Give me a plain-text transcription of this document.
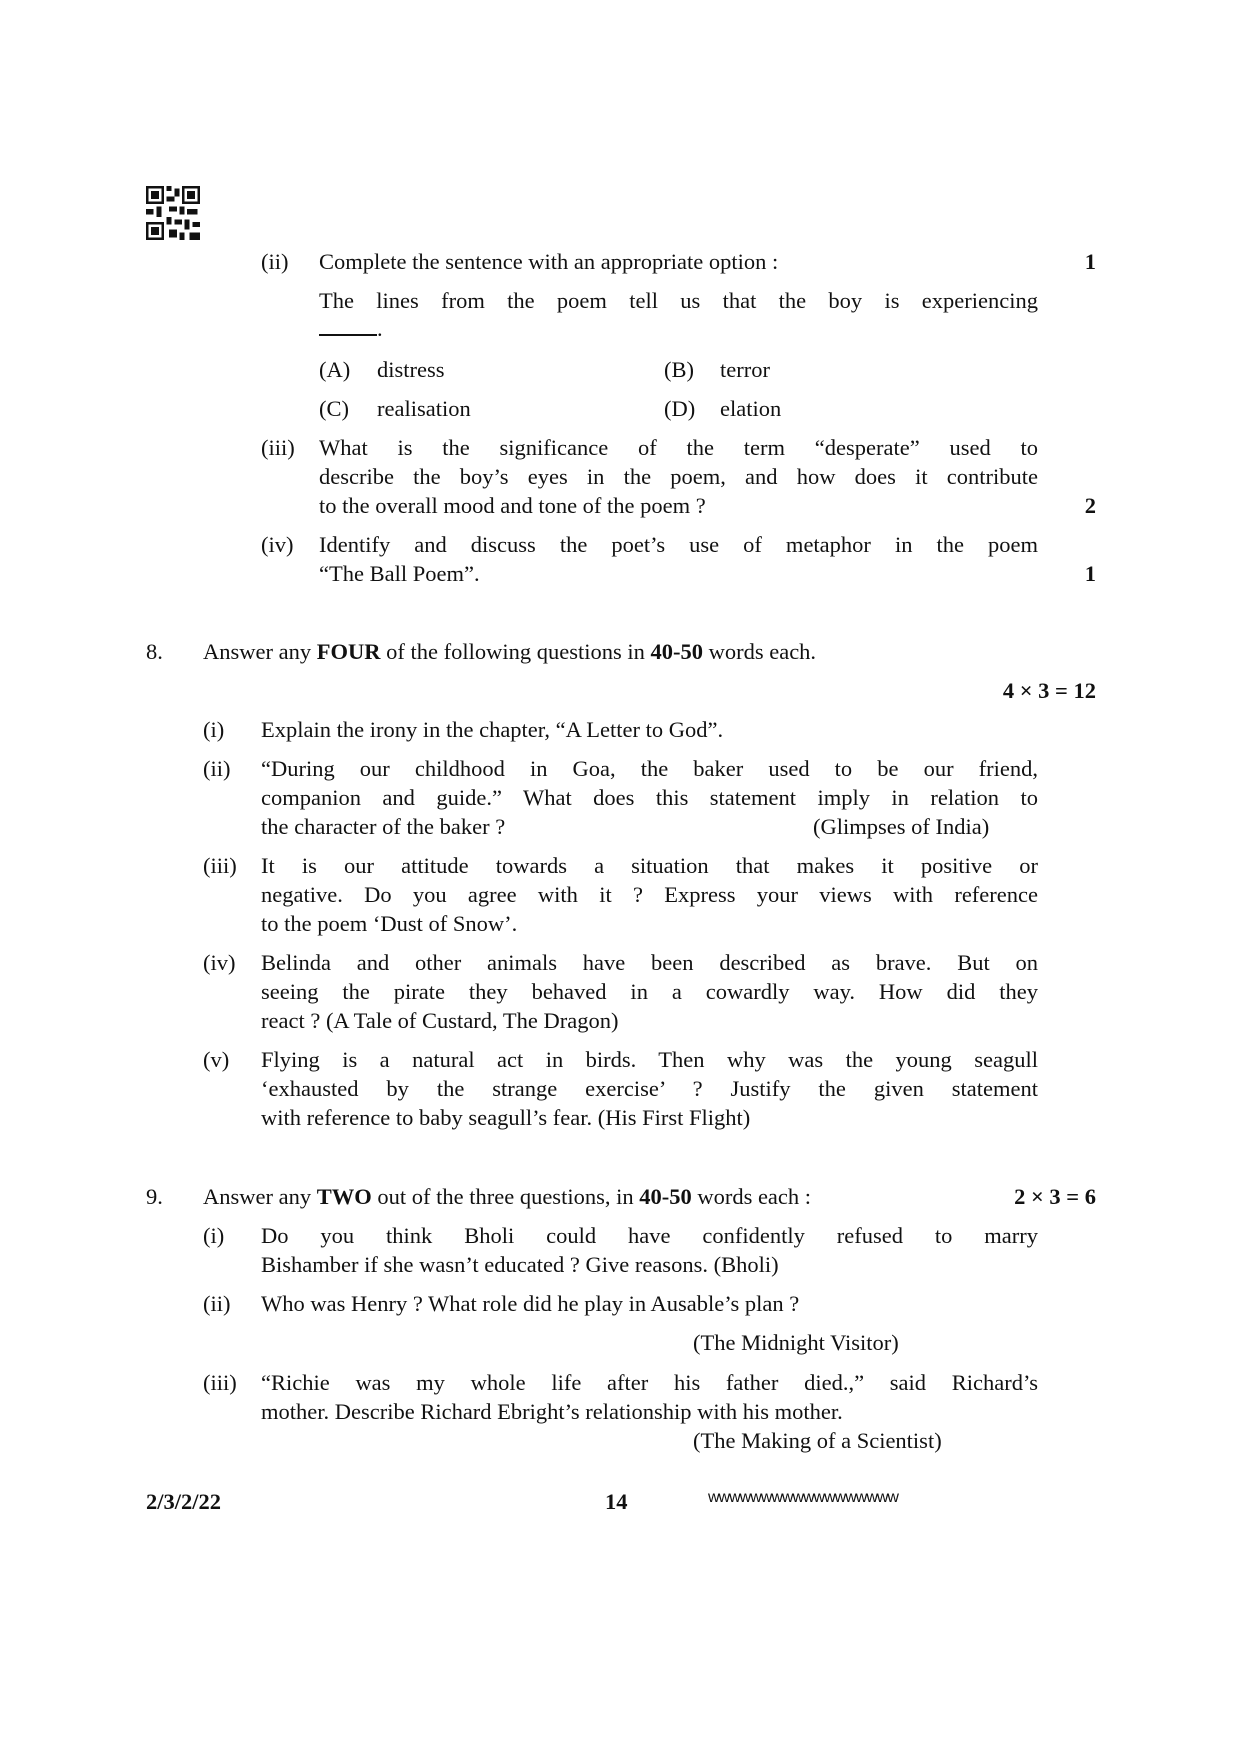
(ii) Complete the sentence with an appropriate option :	1
The lines from the poem tell us that the boy is experiencing
.
(A) distress	(B) terror
(C) realisation	(D) elation
(iii) What is the significance of the term “desperate” used to
describe the boy’s eyes in the poem, and how does it contribute
to the overall mood and tone of the poem ?	2
(iv) Identify and discuss the poet’s use of metaphor in the poem
“The Ball Poem”.	1
8. Answer any FOUR of the following questions in 40-50 words each.
4 × 3 = 12
(i) Explain the irony in the chapter, “A Letter to God”.
(ii) “During our childhood in Goa, the baker used to be our friend,
companion and guide.” What does this statement imply in relation to
the character of the baker ?	(Glimpses of India)
(iii) It is our attitude towards a situation that makes it positive or
negative. Do you agree with it ? Express your views with reference
to the poem ‘Dust of Snow’.
(iv) Belinda and other animals have been described as brave. But on
seeing the pirate they behaved in a cowardly way. How did they
react ? (A Tale of Custard, The Dragon)
(v) Flying is a natural act in birds. Then why was the young seagull
‘exhausted by the strange exercise’ ? Justify the given statement
with reference to baby seagull’s fear. (His First Flight)
9. Answer any TWO out of the three questions, in 40-50 words each :	2 × 3 = 6
(i) Do you think Bholi could have confidently refused to marry
Bishamber if she wasn’t educated ? Give reasons. (Bholi)
(ii) Who was Henry ? What role did he play in Ausable’s plan ?
(The Midnight Visitor)
(iii) “Richie was my whole life after his father died.,” said Richard’s
mother. Describe Richard Ebright’s relationship with his mother.
(The Making of a Scientist)
2/3/2/22	14	wwwwwwwwwwwwwwwwww
